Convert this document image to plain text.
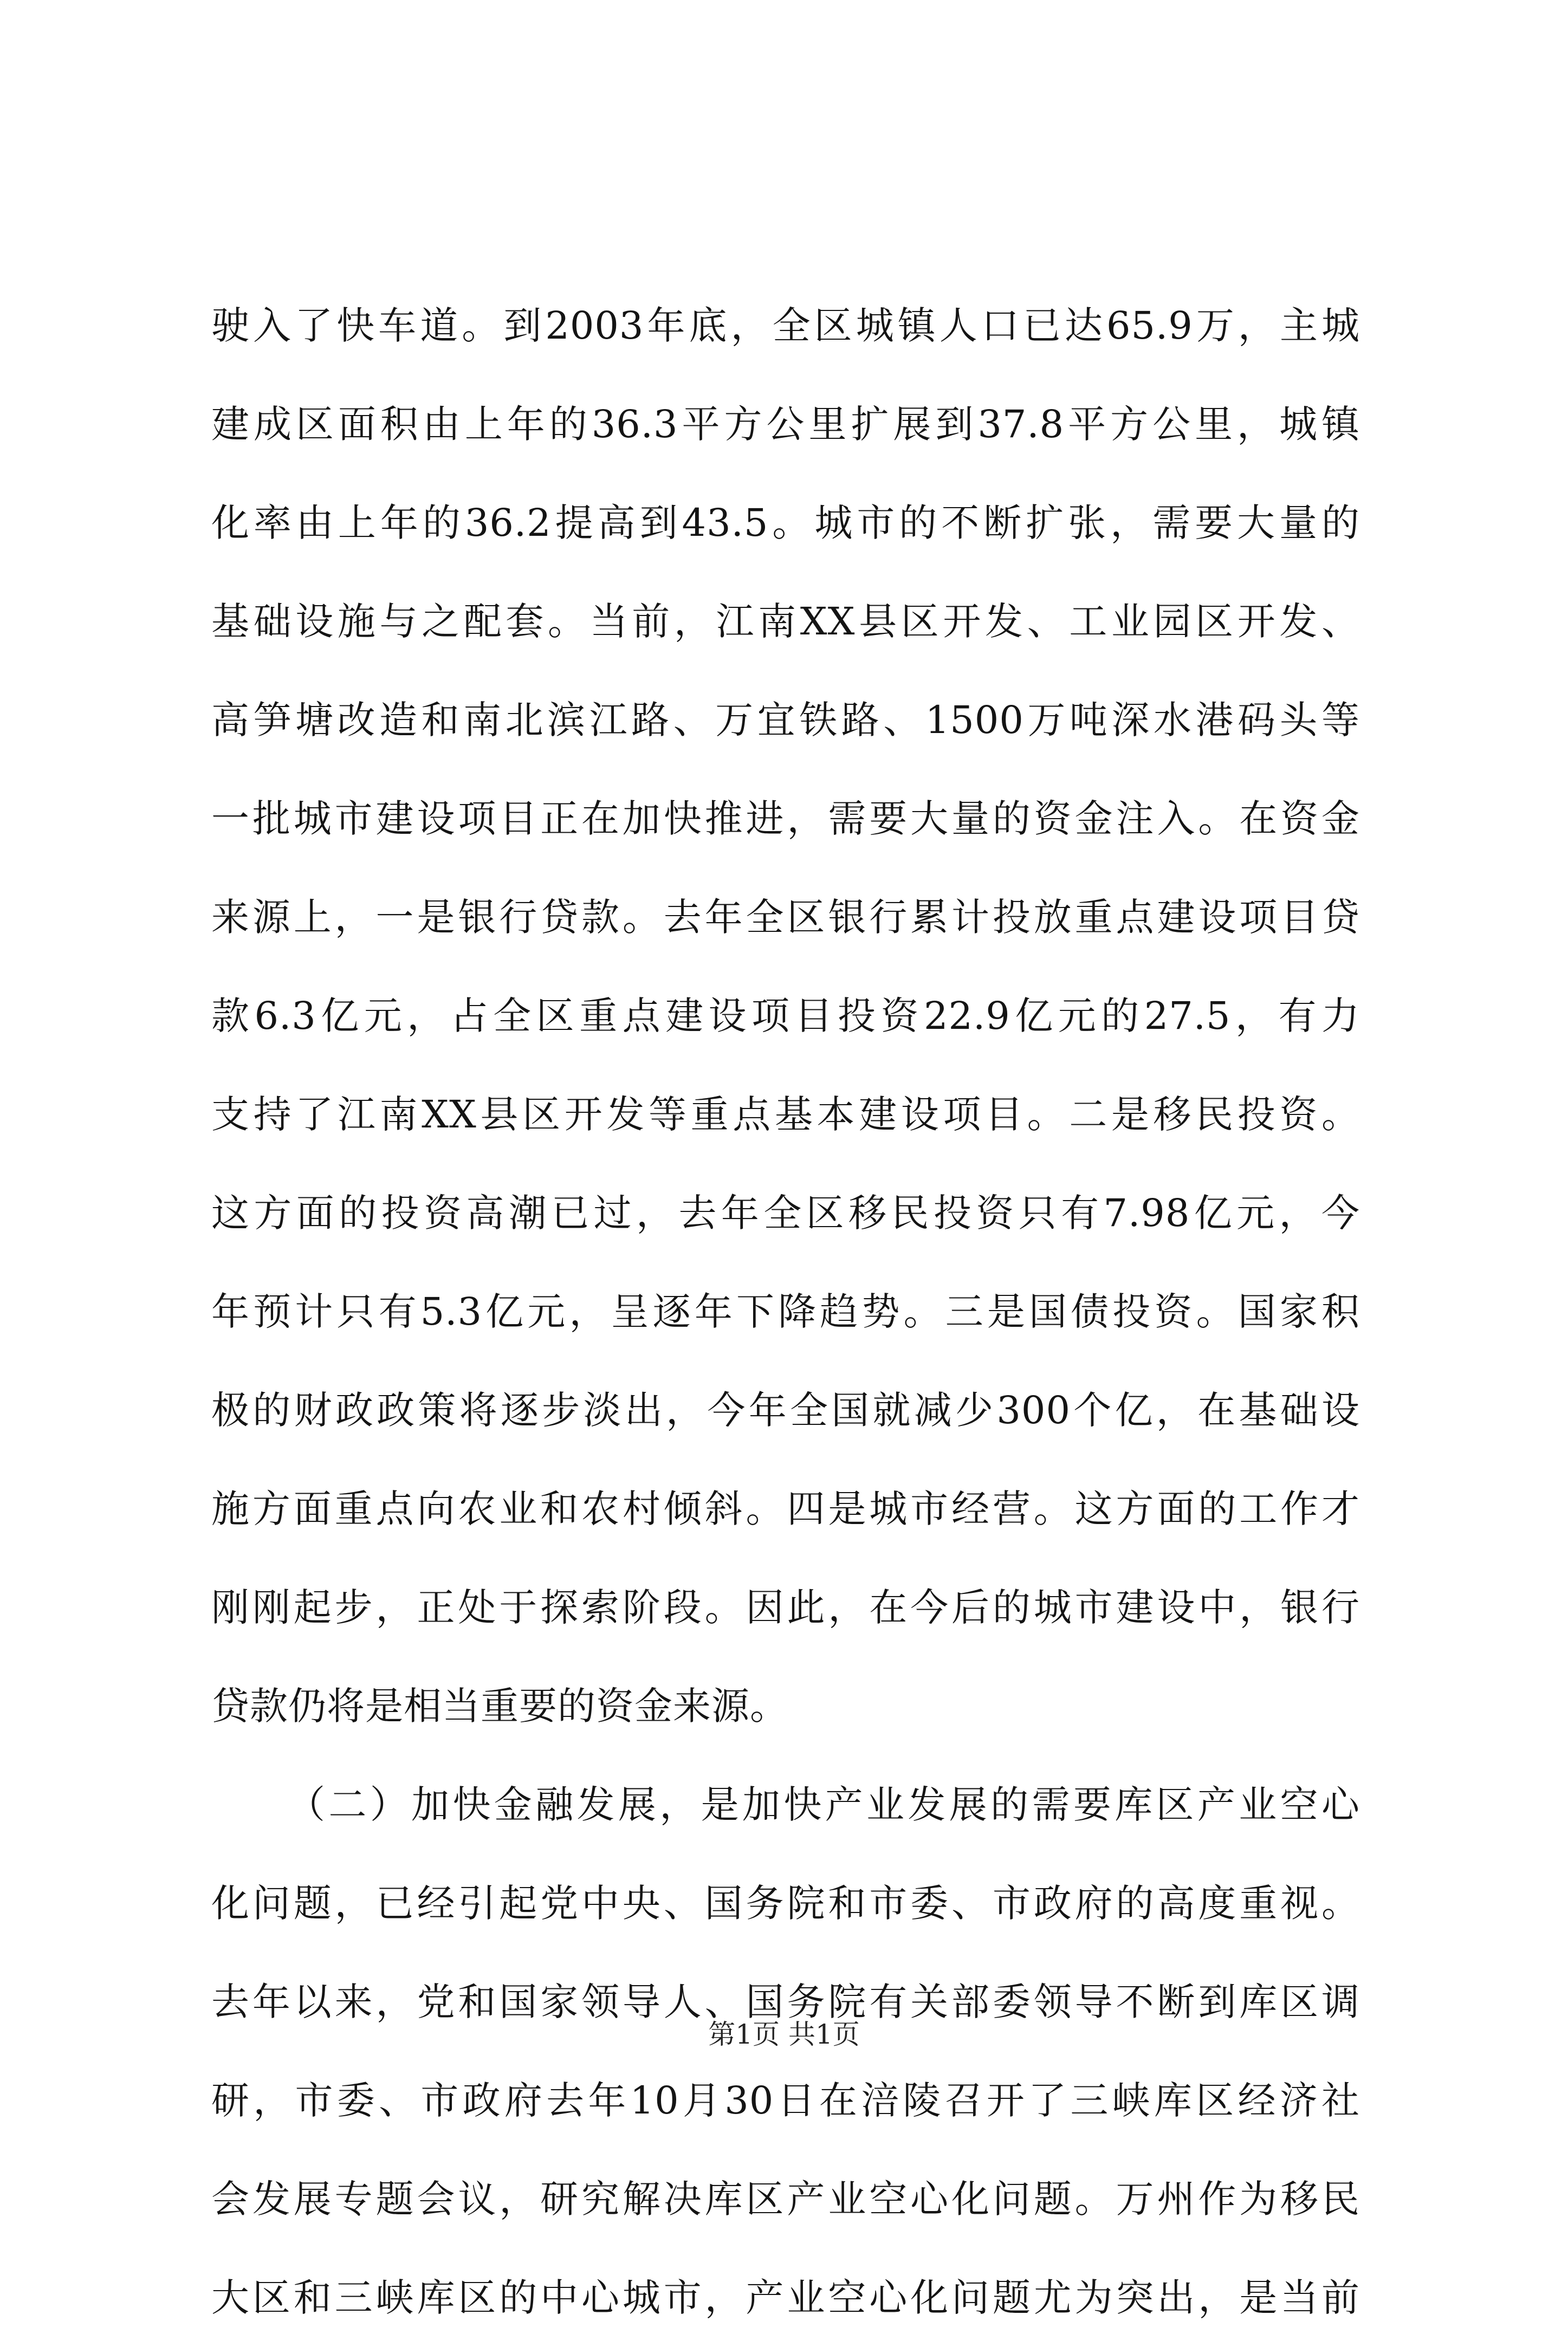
驶入了快车道。到2003年底，全区城镇人口已达65.9万，主城
建成区面积由上年的36.3平方公里扩展到37.8平方公里，城镇
化率由上年的36.2提高到43.5。城市的不断扩张，需要大量的
基础设施与之配套。当前，江南XX县区开发、工业园区开发、
高笋塘改造和南北滨江路、万宜铁路、1500万吨深水港码头等
一批城市建设项目正在加快推进，需要大量的资金注入。在资金
来源上，一是银行贷款。去年全区银行累计投放重点建设项目贷
款6.3亿元，占全区重点建设项目投资22.9亿元的27.5，有力
支持了江南XX县区开发等重点基本建设项目。二是移民投资。
这方面的投资高潮已过，去年全区移民投资只有7.98亿元，今
年预计只有5.3亿元，呈逐年下降趋势。三是国债投资。国家积
极的财政政策将逐步淡出，今年全国就减少300个亿，在基础设
施方面重点向农业和农村倾斜。四是城市经营。这方面的工作才
刚刚起步，正处于探索阶段。因此，在今后的城市建设中，银行
贷款仍将是相当重要的资金来源。
（二）加快金融发展，是加快产业发展的需要库区产业空心
化问题，已经引起党中央、国务院和市委、市政府的高度重视。
去年以来，党和国家领导人、国务院有关部委领导不断到库区调
研，市委、市政府去年10月30日在涪陵召开了三峡库区经济社
会发展专题会议，研究解决库区产业空心化问题。万州作为移民
大区和三峡库区的中心城市，产业空心化问题尤为突出，是当前
第1页 共1页
